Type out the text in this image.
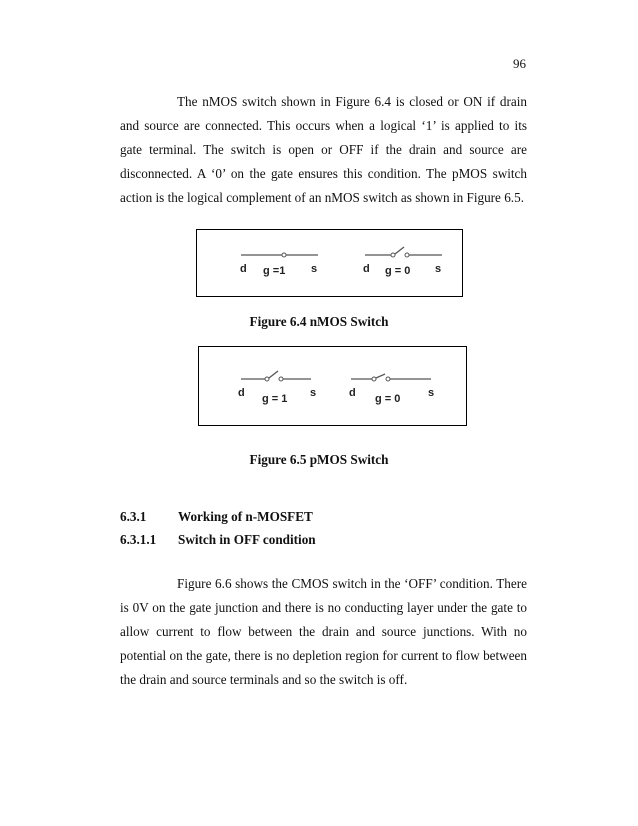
96

The nMOS switch shown in Figure 6.4 is closed or ON if drain and source are connected. This occurs when a logical ‘1’ is applied to its gate terminal. The switch is open or OFF if the drain and source are disconnected. A ‘0’ on the gate ensures this condition. The pMOS switch action is the logical complement of an nMOS switch as shown in Figure 6.5.

d g =1 s	d g = 0 s
Figure 6.4 nMOS Switch
d g = 1 s	d g = 0	s
Figure 6.5 pMOS Switch
6.3.1 Working of n-MOSFET
6.3.1.1 Switch in OFF condition

Figure 6.6 shows the CMOS switch in the ‘OFF’ condition. There is 0V on the gate junction and there is no conducting layer under the gate to allow current to flow between the drain and source junctions. With no potential on the gate, there is no depletion region for current to flow between the drain and source terminals and so the switch is off.
